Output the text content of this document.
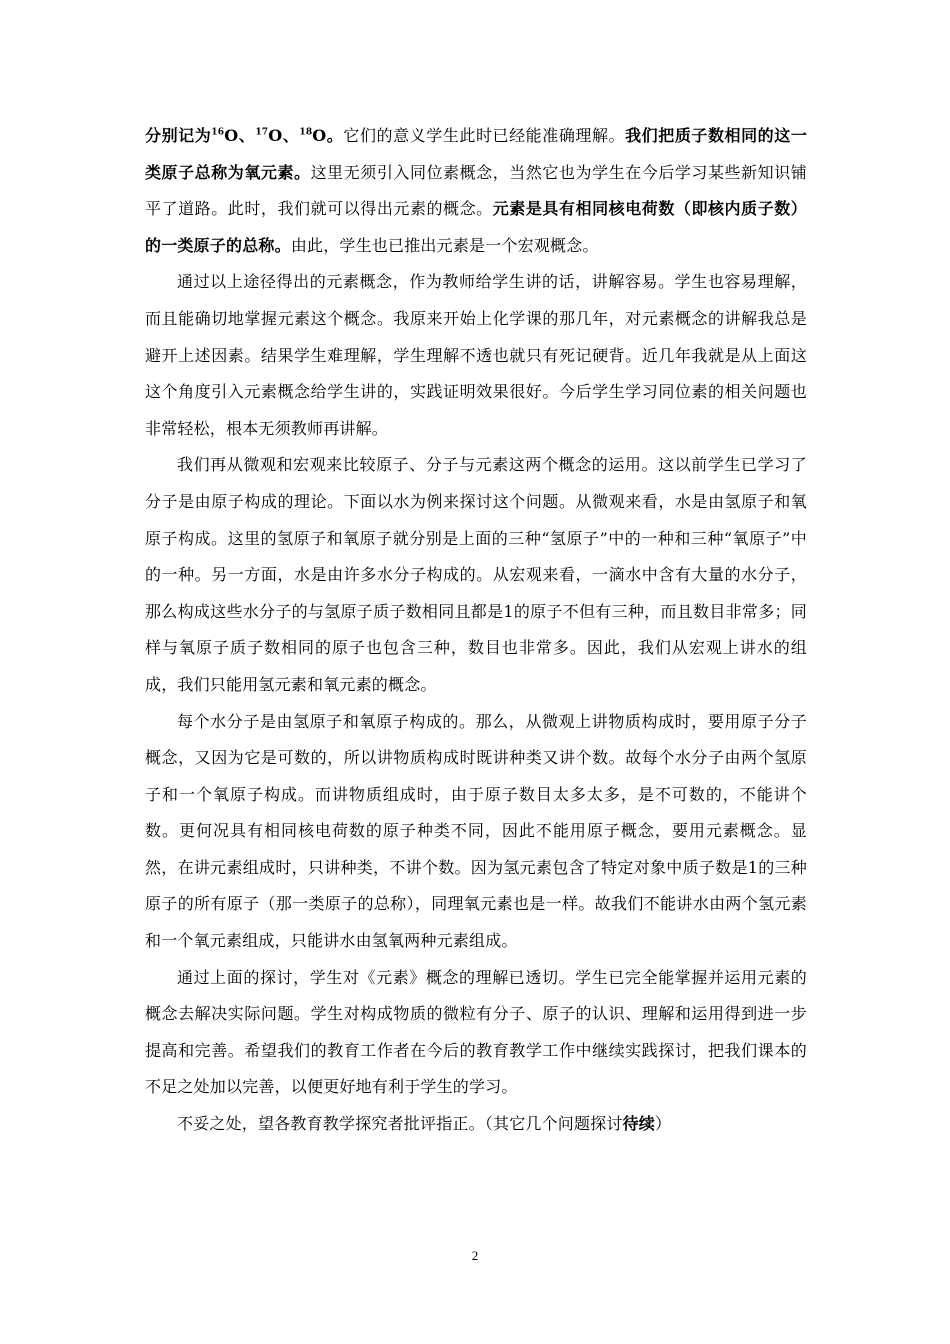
分别记为$^{16}$O、$^{17}$O、$^{18}$O。它们的意义学生此时已经能准确理解。我们把质子数相同的这一类原子总称为氧元素。这里无须引入同位素概念，当然它也为学生在今后学习某些新知识铺平了道路。此时，我们就可以得出元素的概念。元素是具有相同核电荷数（即核内质子数）的一类原子的总称。由此，学生也已推出元素是一个宏观概念。

通过以上途径得出的元素概念，作为教师给学生讲的话，讲解容易。学生也容易理解，而且能确切地掌握元素这个概念。我原来开始上化学课的那几年，对元素概念的讲解我总是避开上述因素。结果学生难理解，学生理解不透也就只有死记硬背。近几年我就是从上面这这个角度引入元素概念给学生讲的，实践证明效果很好。今后学生学习同位素的相关问题也非常轻松，根本无须教师再讲解。

我们再从微观和宏观来比较原子、分子与元素这两个概念的运用。这以前学生已学习了分子是由原子构成的理论。下面以水为例来探讨这个问题。从微观来看，水是由氢原子和氧原子构成。这里的氢原子和氧原子就分别是上面的三种“氢原子”中的一种和三种“氧原子”中的一种。另一方面，水是由许多水分子构成的。从宏观来看，一滴水中含有大量的水分子，那么构成这些水分子的与氢原子质子数相同且都是1的原子不但有三种，而且数目非常多；同样与氧原子质子数相同的原子也包含三种，数目也非常多。因此，我们从宏观上讲水的组成，我们只能用氢元素和氧元素的概念。

每个水分子是由氢原子和氧原子构成的。那么，从微观上讲物质构成时，要用原子分子概念，又因为它是可数的，所以讲物质构成时既讲种类又讲个数。故每个水分子由两个氢原子和一个氧原子构成。而讲物质组成时，由于原子数目太多太多，是不可数的，不能讲个数。更何况具有相同核电荷数的原子种类不同，因此不能用原子概念，要用元素概念。显然，在讲元素组成时，只讲种类，不讲个数。因为氢元素包含了特定对象中质子数是1的三种原子的所有原子（那一类原子的总称），同理氧元素也是一样。故我们不能讲水由两个氢元素和一个氧元素组成，只能讲水由氢氧两种元素组成。

通过上面的探讨，学生对《元素》概念的理解已透切。学生已完全能掌握并运用元素的概念去解决实际问题。学生对构成物质的微粒有分子、原子的认识、理解和运用得到进一步提高和完善。希望我们的教育工作者在今后的教育教学工作中继续实践探讨，把我们课本的不足之处加以完善，以便更好地有利于学生的学习。

不妥之处，望各教育教学探究者批评指正。（其它几个问题探讨待续）

2
